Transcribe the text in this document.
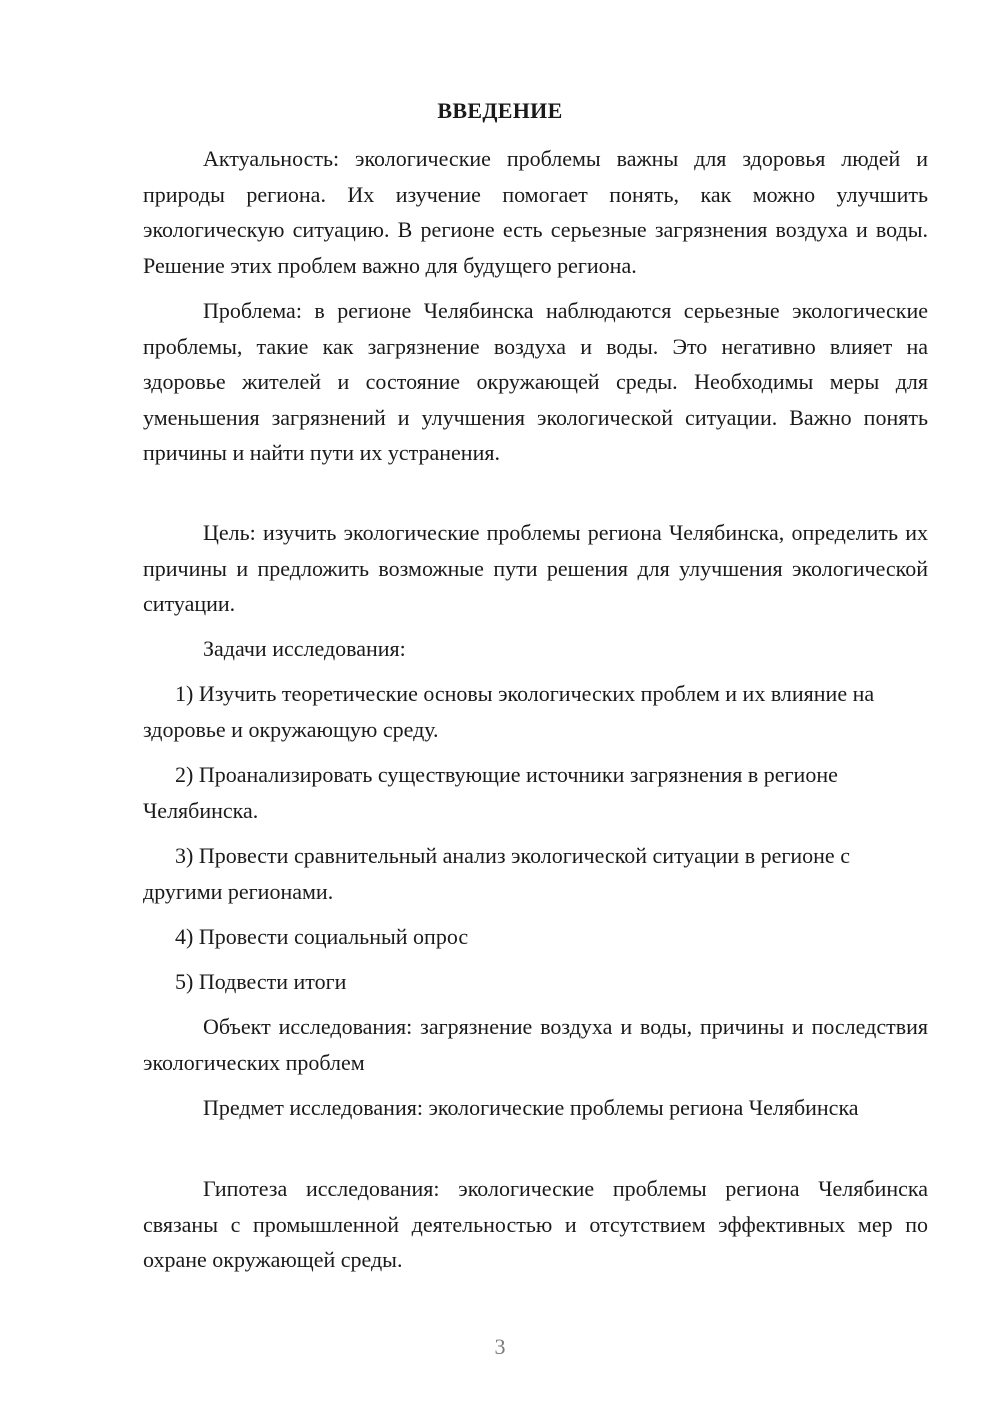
ВВЕДЕНИЕ

Актуальность: экологические проблемы важны для здоровья людей и природы региона. Их изучение помогает понять, как можно улучшить экологическую ситуацию. В регионе есть серьезные загрязнения воздуха и воды. Решение этих проблем важно для будущего региона.

Проблема: в регионе Челябинска наблюдаются серьезные экологические проблемы, такие как загрязнение воздуха и воды. Это негативно влияет на здоровье жителей и состояние окружающей среды. Необходимы меры для уменьшения загрязнений и улучшения экологической ситуации. Важно понять причины и найти пути их устранения.

Цель: изучить экологические проблемы региона Челябинска, определить их причины и предложить возможные пути решения для улучшения экологической ситуации.

Задачи исследования:

1) Изучить теоретические основы экологических проблем и их влияние на здоровье и окружающую среду.

2) Проанализировать существующие источники загрязнения в регионе Челябинска.

3) Провести сравнительный анализ экологической ситуации в регионе с другими регионами.

4) Провести социальный опрос

5) Подвести итоги

Объект исследования: загрязнение воздуха и воды, причины и последствия экологических проблем

Предмет исследования: экологические проблемы региона Челябинска

Гипотеза исследования: экологические проблемы региона Челябинска связаны с промышленной деятельностью и отсутствием эффективных мер по охране окружающей среды.

3
